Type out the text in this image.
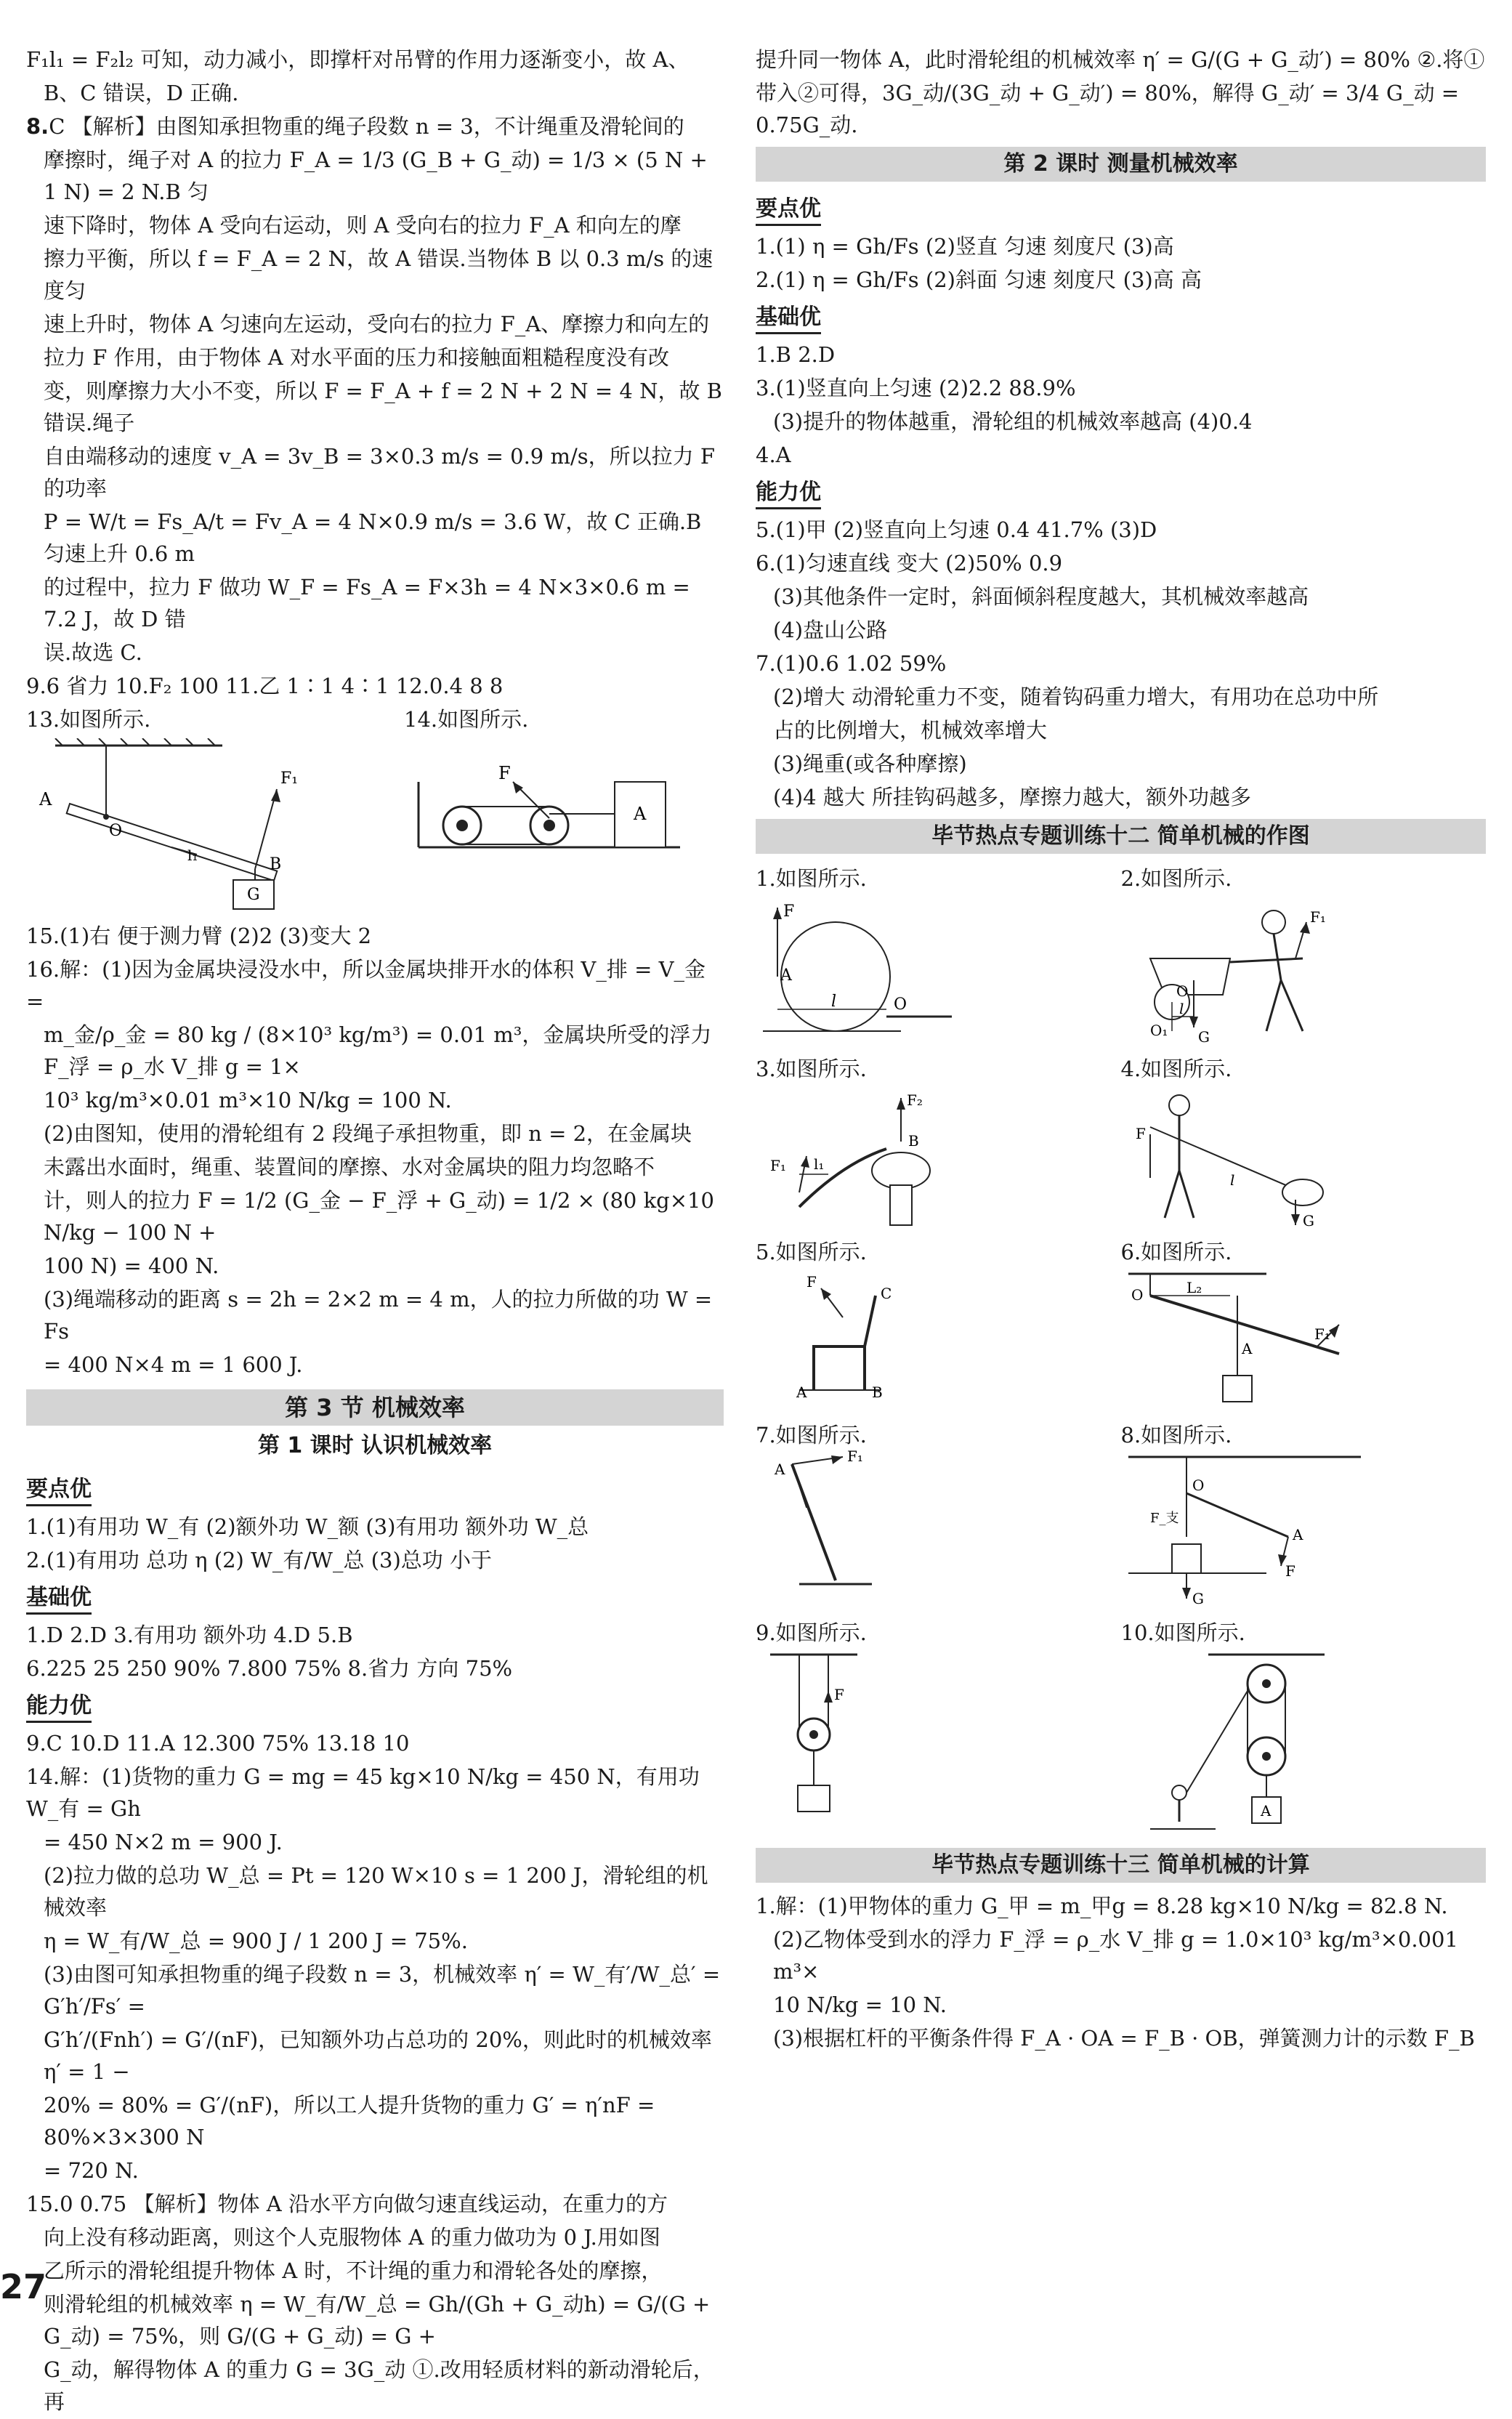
F₁l₁ = F₂l₂ 可知，动力减小，即撑杆对吊臂的作用力逐渐变小，故 A、

B、C 错误，D 正确.

8.C 【解析】由图知承担物重的绳子段数 n = 3，不计绳重及滑轮间的

摩擦时，绳子对 A 的拉力 F_A = 1/3 (G_B + G_动) = 1/3 × (5 N + 1 N) = 2 N.B 匀

速下降时，物体 A 受向右运动，则 A 受向右的拉力 F_A 和向左的摩

擦力平衡，所以 f = F_A = 2 N，故 A 错误.当物体 B 以 0.3 m/s 的速度匀

速上升时，物体 A 匀速向左运动，受向右的拉力 F_A、摩擦力和向左的

拉力 F 作用，由于物体 A 对水平面的压力和接触面粗糙程度没有改

变，则摩擦力大小不变，所以 F = F_A + f = 2 N + 2 N = 4 N，故 B 错误.绳子

自由端移动的速度 v_A = 3v_B = 3×0.3 m/s = 0.9 m/s，所以拉力 F 的功率

P = W/t = Fs_A/t = Fv_A = 4 N×0.9 m/s = 3.6 W，故 C 正确.B 匀速上升 0.6 m

的过程中，拉力 F 做功 W_F = Fs_A = F×3h = 4 N×3×0.6 m = 7.2 J，故 D 错

误.故选 C.

9.6 省力 10.F₂ 100 11.乙 1∶1 4∶1 12.0.4 8 8

13.如图所示.
A
O
F₁
l₁	B
G
14.如图所示.
F
A

15.(1)右 便于测力臂 (2)2 (3)变大 2

16.解：(1)因为金属块浸没水中，所以金属块排开水的体积 V_排 = V_金 =

m_金/ρ_金 = 80 kg / (8×10³ kg/m³) = 0.01 m³，金属块所受的浮力 F_浮 = ρ_水 V_排 g = 1×

10³ kg/m³×0.01 m³×10 N/kg = 100 N.

(2)由图知，使用的滑轮组有 2 段绳子承担物重，即 n = 2，在金属块

未露出水面时，绳重、装置间的摩擦、水对金属块的阻力均忽略不

计，则人的拉力 F = 1/2 (G_金 − F_浮 + G_动) = 1/2 × (80 kg×10 N/kg − 100 N +

100 N) = 400 N.

(3)绳端移动的距离 s = 2h = 2×2 m = 4 m，人的拉力所做的功 W = Fs

= 400 N×4 m = 1 600 J.

第 3 节 机械效率
第 1 课时 认识机械效率
要点优

1.(1)有用功 W_有 (2)额外功 W_额 (3)有用功 额外功 W_总

2.(1)有用功 总功 η (2) W_有/W_总 (3)总功 小于

基础优

1.D 2.D 3.有用功 额外功 4.D 5.B

6.225 25 250 90% 7.800 75% 8.省力 方向 75%

能力优

9.C 10.D 11.A 12.300 75% 13.18 10

14.解：(1)货物的重力 G = mg = 45 kg×10 N/kg = 450 N，有用功 W_有 = Gh

= 450 N×2 m = 900 J.

(2)拉力做的总功 W_总 = Pt = 120 W×10 s = 1 200 J，滑轮组的机械效率

η = W_有/W_总 = 900 J / 1 200 J = 75%.

(3)由图可知承担物重的绳子段数 n = 3，机械效率 η′ = W_有′/W_总′ = G′h′/Fs′ =

G′h′/(Fnh′) = G′/(nF)，已知额外功占总功的 20%，则此时的机械效率 η′ = 1 −

20% = 80% = G′/(nF)，所以工人提升货物的重力 G′ = η′nF = 80%×3×300 N

= 720 N.

15.0 0.75 【解析】物体 A 沿水平方向做匀速直线运动，在重力的方

向上没有移动距离，则这个人克服物体 A 的重力做功为 0 J.用如图

乙所示的滑轮组提升物体 A 时，不计绳的重力和滑轮各处的摩擦，

则滑轮组的机械效率 η = W_有/W_总 = Gh/(Gh + G_动h) = G/(G + G_动) = 75%，则 G/(G + G_动) = G +

G_动，解得物体 A 的重力 G = 3G_动 ①.改用轻质材料的新动滑轮后，再

提升同一物体 A，此时滑轮组的机械效率 η′ = G/(G + G_动′) = 80% ②.将①

带入②可得，3G_动/(3G_动 + G_动′) = 80%，解得 G_动′ = 3/4 G_动 = 0.75G_动.

第 2 课时 测量机械效率
要点优

1.(1) η = Gh/Fs (2)竖直 匀速 刻度尺 (3)高

2.(1) η = Gh/Fs (2)斜面 匀速 刻度尺 (3)高 高

基础优

1.B 2.D

3.(1)竖直向上匀速 (2)2.2 88.9%

(3)提升的物体越重，滑轮组的机械效率越高 (4)0.4

4.A

能力优

5.(1)甲 (2)竖直向上匀速 0.4 41.7% (3)D

6.(1)匀速直线 变大 (2)50% 0.9

(3)其他条件一定时，斜面倾斜程度越大，其机械效率越高

(4)盘山公路

7.(1)0.6 1.02 59%

(2)增大 动滑轮重力不变，随着钩码重力增大，有用功在总功中所

占的比例增大，机械效率增大

(3)绳重(或各种摩擦)

(4)4 越大 所挂钩码越多，摩擦力越大，额外功越多

毕节热点专题训练十二 简单机械的作图
1.如图所示.
F
A
l	O
2.如图所示.
F₁
O
O₁
l
G
3.如图所示.
F₂
F₁ l₁
B
4.如图所示.
F
l
G
5.如图所示.
F
C
A	B
6.如图所示.
O	L₂
F₁
A
7.如图所示.
A
F₁
8.如图所示.
O
F_支
A
F
G
9.如图所示.
F
10.如图所示.
A
毕节热点专题训练十三 简单机械的计算

1.解：(1)甲物体的重力 G_甲 = m_甲g = 8.28 kg×10 N/kg = 82.8 N.

(2)乙物体受到水的浮力 F_浮 = ρ_水 V_排 g = 1.0×10³ kg/m³×0.001 m³×

10 N/kg = 10 N.

(3)根据杠杆的平衡条件得 F_A · OA = F_B · OB，弹簧测力计的示数 F_B

27
